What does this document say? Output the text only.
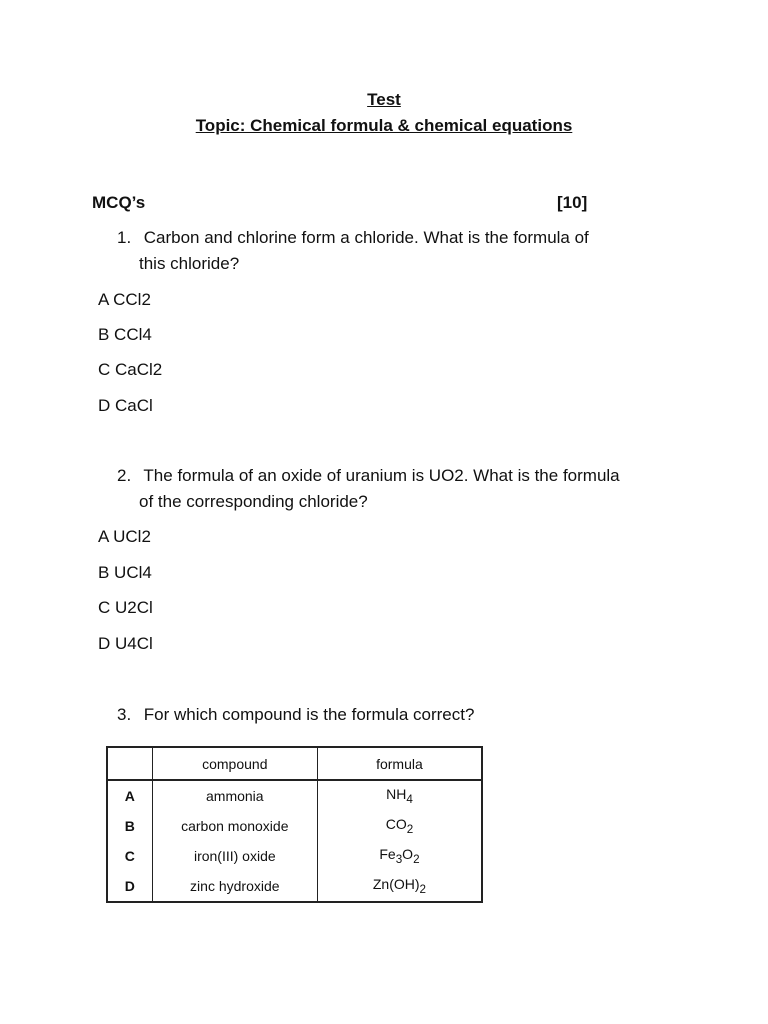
Test
Topic: Chemical formula & chemical equations
MCQ’s	[10]
1. Carbon and chlorine form a chloride. What is the formula of
this chloride?
A CCl2
B CCl4
C CaCl2
D CaCl
2. The formula of an oxide of uranium is UO2. What is the formula
of the corresponding chloride?
A UCl2
B UCl4
C U2Cl
D U4Cl
3. For which compound is the formula correct?
	compound	formula
A	ammonia	$NH_4$
B	carbon monoxide	$CO_2$
C	iron(III) oxide	$Fe_3O_2$
D	zinc hydroxide	$Zn(OH)_2$
